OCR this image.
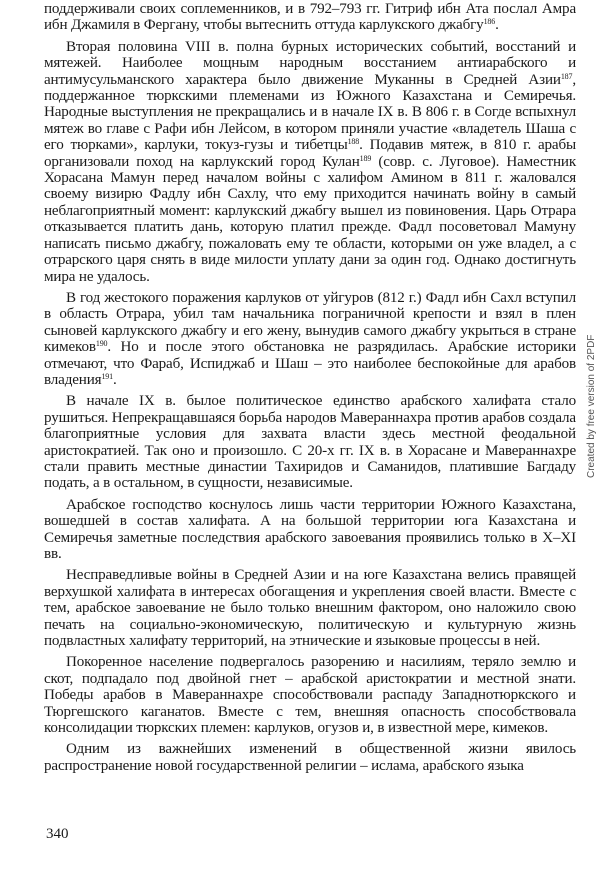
поддерживали своих соплеменников, и в 792–793 гг. Гитриф ибн Ата послал Амра ибн Джамиля в Фергану, чтобы вытеснить оттуда карлукского джабгу$^{186}$.

Вторая половина VIII в. полна бурных исторических событий, восстаний и мятежей. Наиболее мощным народным восстанием антиарабского и антимусульманского характера было движение Муканны в Средней Азии$^{187}$, поддержанное тюркскими племенами из Южного Казахстана и Семиречья. Народные выступления не прекращались и в начале IX в. В 806 г. в Согде вспыхнул мятеж во главе с Рафи ибн Лейсом, в котором приняли участие «владетель Шаша с его тюрками», карлуки, токуз-гузы и тибетцы$^{188}$. Подавив мятеж, в 810 г. арабы организовали поход на карлукский город Кулан$^{189}$ (совр. с. Луговое). Наместник Хорасана Мамун перед началом войны с халифом Амином в 811 г. жаловался своему визирю Фадлу ибн Сахлу, что ему приходится начинать войну в самый неблагоприятный момент: карлукский джабгу вышел из повиновения. Царь Отрара отказывается платить дань, которую платил прежде. Фадл посоветовал Мамуну написать письмо джабгу, пожаловать ему те области, которыми он уже владел, а с отрарского царя снять в виде милости уплату дани за один год. Однако достигнуть мира не удалось.

В год жестокого поражения карлуков от уйгуров (812 г.) Фадл ибн Сахл вступил в область Отрара, убил там начальника пограничной крепости и взял в плен сыновей карлукского джабгу и его жену, вынудив самого джабгу укрыться в стране кимеков$^{190}$. Но и после этого обстановка не разрядилась. Арабские историки отмечают, что Фараб, Испиджаб и Шаш – это наиболее беспокойные для арабов владения$^{191}$.

В начале IX в. былое политическое единство арабского халифата стало рушиться. Непрекращавшаяся борьба народов Мавераннахра против арабов создала благоприятные условия для захвата власти здесь местной феодальной аристократией. Так оно и произошло. С 20-х гг. IX в. в Хорасане и Мавераннахре стали править местные династии Тахиридов и Саманидов, платившие Багдаду подать, а в остальном, в сущности, независимые.

Арабское господство коснулось лишь части территории Южного Казахстана, вошедшей в состав халифата. А на большой территории юга Казахстана и Семиречья заметные последствия арабского завоевания проявились только в X–XI вв.

Несправедливые войны в Средней Азии и на юге Казахстана велись правящей верхушкой халифата в интересах обогащения и укрепления своей власти. Вместе с тем, арабское завоевание не было только внешним фактором, оно наложило свою печать на социально-экономическую, политическую и культурную жизнь подвластных халифату территорий, на этнические и языковые процессы в ней.

Покоренное население подвергалось разорению и насилиям, теряло землю и скот, подпадало под двойной гнет – арабской аристократии и местной знати. Победы арабов в Мавераннахре способствовали распаду Западнотюркского и Тюргешского каганатов. Вместе с тем, внешняя опасность способствовала консолидации тюркских племен: карлуков, огузов и, в известной мере, кимеков.

Одним из важнейших изменений в общественной жизни явилось распространение новой государственной религии – ислама, арабского языка

Created by free version of 2PDF
340
